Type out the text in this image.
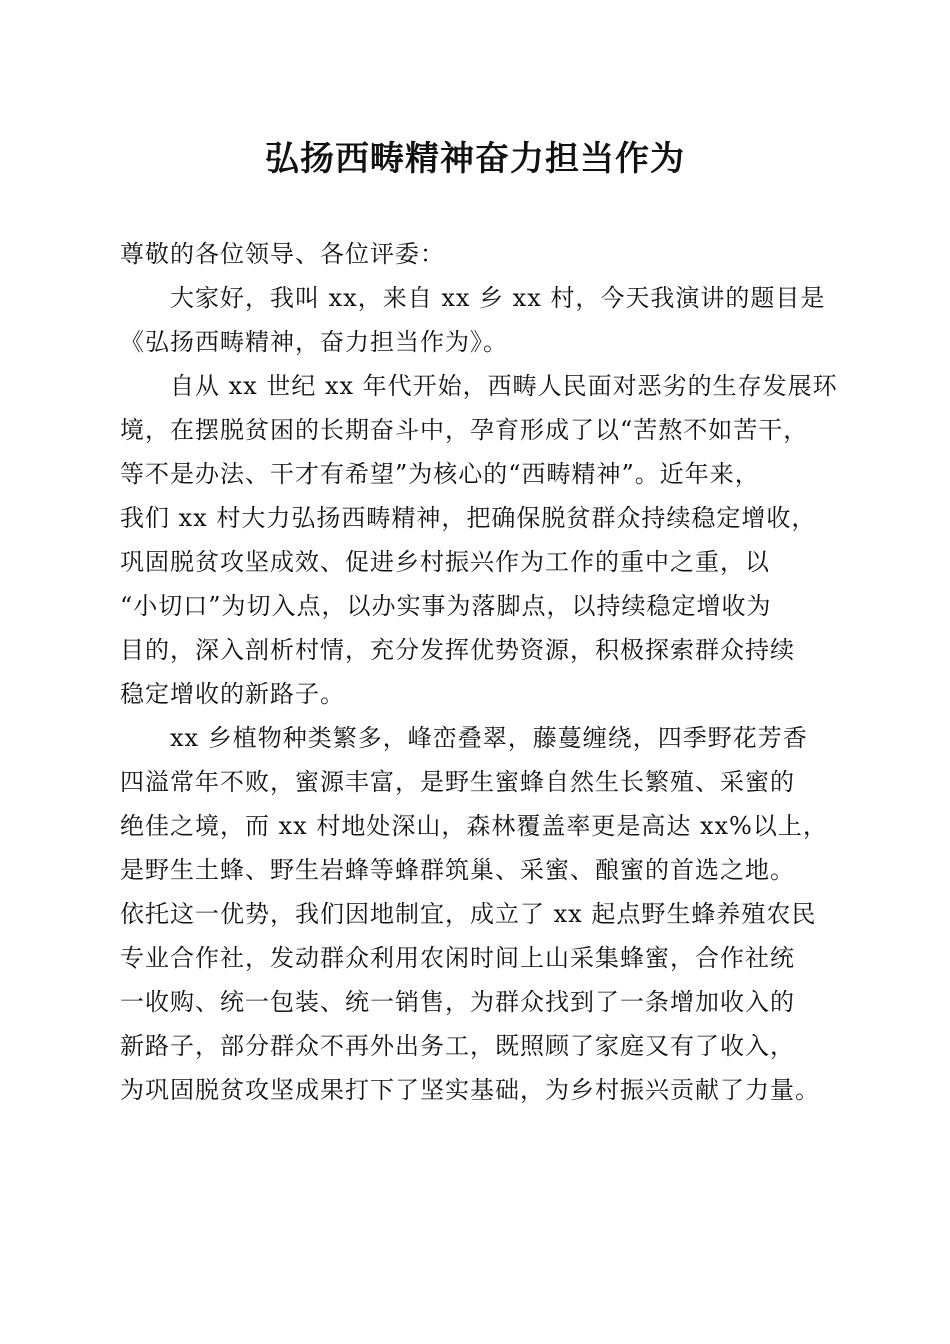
弘扬西畴精神奋力担当作为
尊敬的各位领导、各位评委：
　　大家好，我叫 xx，来自 xx 乡 xx 村，今天我演讲的题目是
《弘扬西畴精神，奋力担当作为》。
　　自从 xx 世纪 xx 年代开始，西畴人民面对恶劣的生存发展环
境，在摆脱贫困的长期奋斗中，孕育形成了以“苦熬不如苦干，
等不是办法、干才有希望”为核心的“西畴精神”。近年来，
我们 xx 村大力弘扬西畴精神，把确保脱贫群众持续稳定增收，
巩固脱贫攻坚成效、促进乡村振兴作为工作的重中之重，以
“小切口”为切入点，以办实事为落脚点，以持续稳定增收为
目的，深入剖析村情，充分发挥优势资源，积极探索群众持续
稳定增收的新路子。
　　xx 乡植物种类繁多，峰峦叠翠，藤蔓缠绕，四季野花芳香
四溢常年不败，蜜源丰富，是野生蜜蜂自然生长繁殖、采蜜的
绝佳之境，而 xx 村地处深山，森林覆盖率更是高达 xx%以上，
是野生土蜂、野生岩蜂等蜂群筑巢、采蜜、酿蜜的首选之地。
依托这一优势，我们因地制宜，成立了 xx 起点野生蜂养殖农民
专业合作社，发动群众利用农闲时间上山采集蜂蜜，合作社统
一收购、统一包装、统一销售，为群众找到了一条增加收入的
新路子，部分群众不再外出务工，既照顾了家庭又有了收入，
为巩固脱贫攻坚成果打下了坚实基础，为乡村振兴贡献了力量。
